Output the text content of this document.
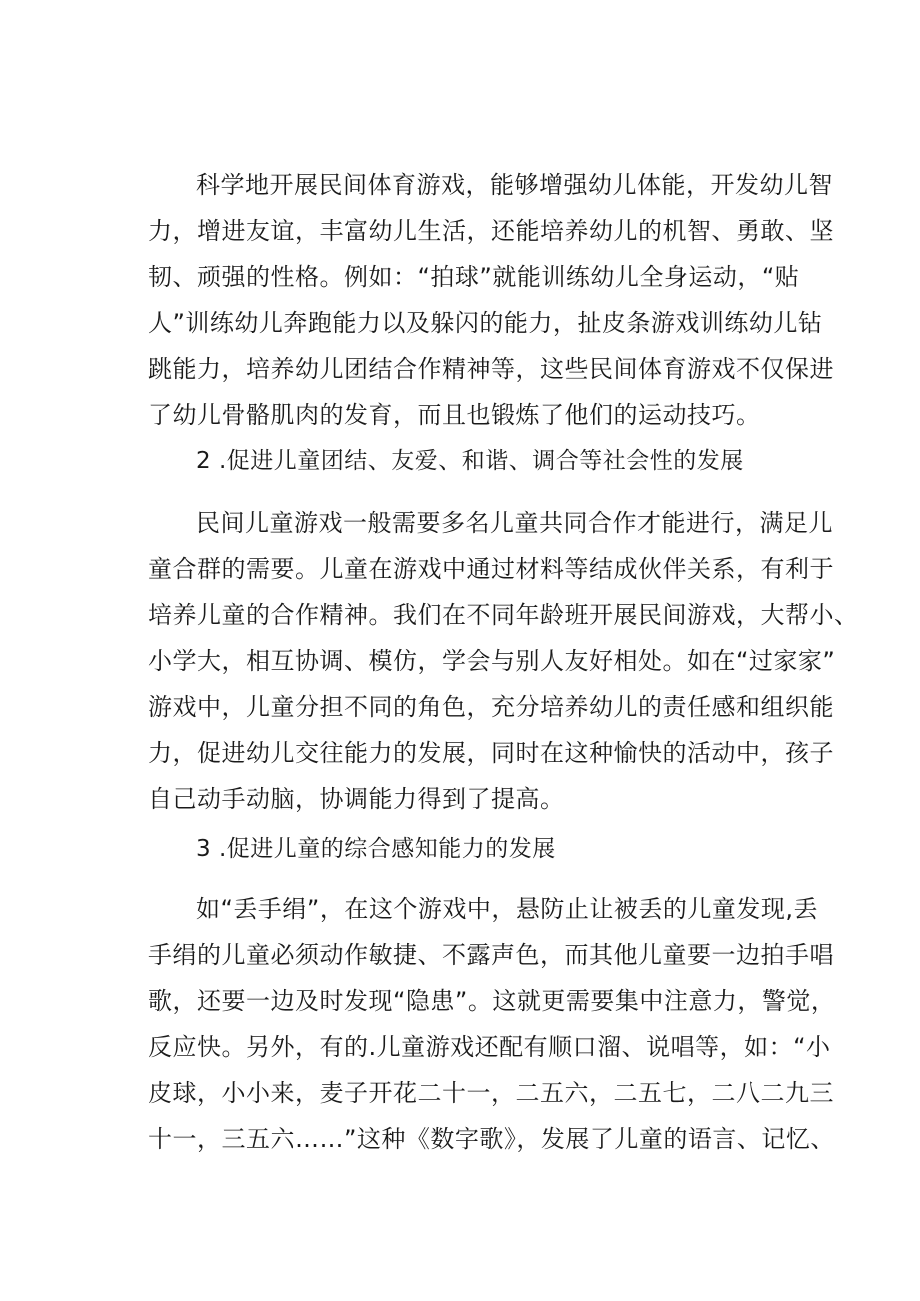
科学地开展民间体育游戏，能够增强幼儿体能，开发幼儿智
力，增进友谊，丰富幼儿生活，还能培养幼儿的机智、勇敢、坚
韧、顽强的性格。例如：“拍球”就能训练幼儿全身运动，“贴
人”训练幼儿奔跑能力以及躲闪的能力，扯皮条游戏训练幼儿钻
跳能力，培养幼儿团结合作精神等，这些民间体育游戏不仅保进
了幼儿骨骼肌肉的发育，而且也锻炼了他们的运动技巧。
2 .促进儿童团结、友爱、和谐、调合等社会性的发展
民间儿童游戏一般需要多名儿童共同合作才能进行，满足儿
童合群的需要。儿童在游戏中通过材料等结成伙伴关系，有利于
培养儿童的合作精神。我们在不同年龄班开展民间游戏，大帮小、
小学大，相互协调、模仿，学会与别人友好相处。如在“过家家”
游戏中，儿童分担不同的角色，充分培养幼儿的责任感和组织能
力，促进幼儿交往能力的发展，同时在这种愉快的活动中，孩子
自己动手动脑，协调能力得到了提高。
3 .促进儿童的综合感知能力的发展
如“丢手绢”，在这个游戏中，悬防止让被丢的儿童发现,丢
手绢的儿童必须动作敏捷、不露声色，而其他儿童要一边拍手唱
歌，还要一边及时发现“隐患”。这就更需要集中注意力，警觉，
反应快。另外，有的.儿童游戏还配有顺口溜、说唱等，如：“小
皮球，小小来，麦子开花二十一，二五六，二五七，二八二九三
十一，三五六……”这种《数字歌》，发展了儿童的语言、记忆、
